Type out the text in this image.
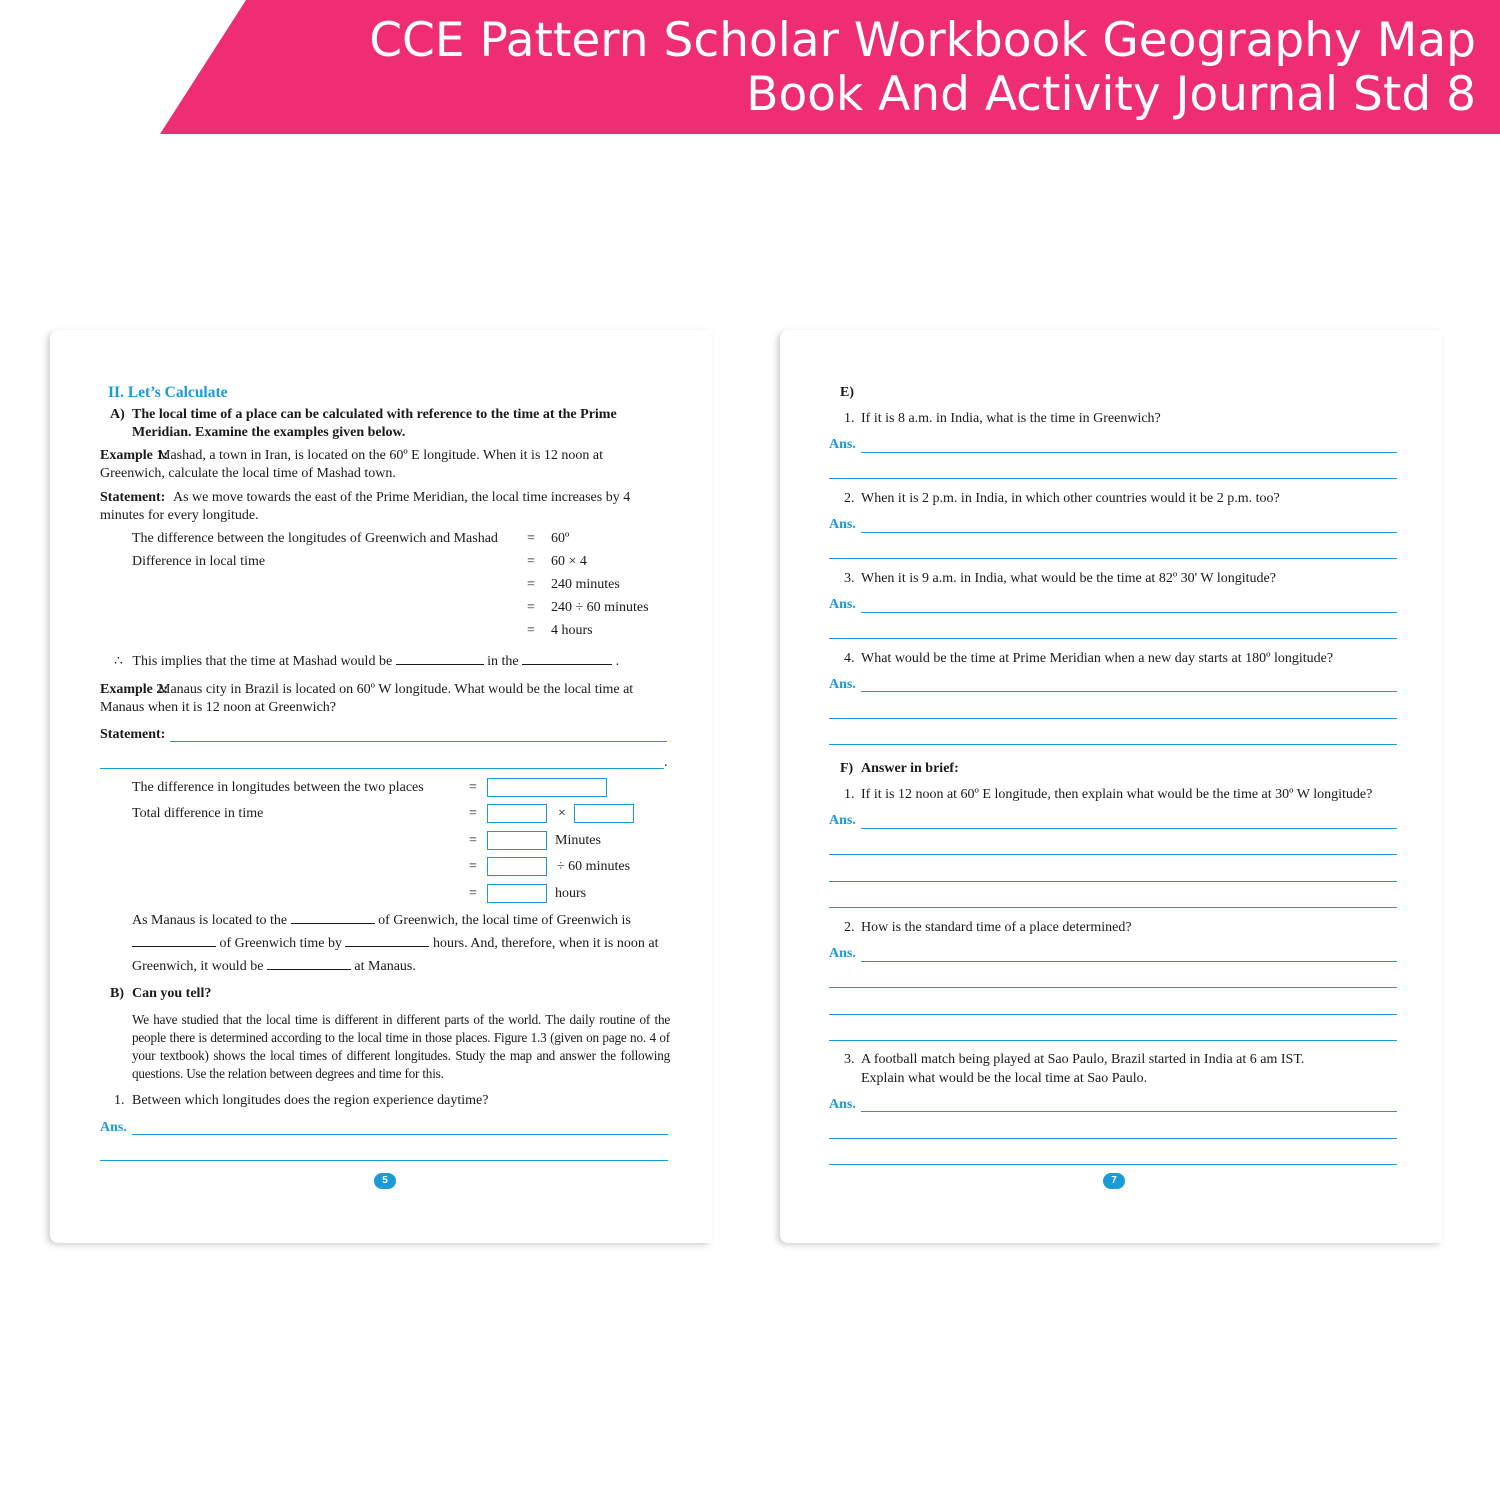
CCE Pattern Scholar Workbook Geography Map
Book And Activity Journal Std 8
II. Let’s Calculate
A) The local time of a place can be calculated with reference to the time at the Prime Meridian. Examine the examples given below.
Example 1:
Mashad, a town in Iran, is located on the 60º E longitude. When it is 12 noon at Greenwich, calculate the local time of Mashad town.
Statement: As we move towards the east of the Prime Meridian, the local time increases by 4 minutes for every longitude.
The difference between the longitudes of Greenwich and Mashad = 60º
Difference in local time	= 60 × 4
= 240 minutes
= 240 ÷ 60 minutes
= 4 hours
∴ This implies that the time at Mashad would be	in the	.
Example 2:
Manaus city in Brazil is located on 60º W longitude. What would be the local time at Manaus when it is 12 noon at Greenwich?
Statement:
.
The difference in longitudes between the two places	=
Total difference in time	=	×
=	Minutes
=	÷ 60 minutes
=	hours
As Manaus is located to the	of Greenwich, the local time of Greenwich is
of Greenwich time by	hours. And, therefore, when it is noon at
Greenwich, it would be	at Manaus.
B) Can you tell?
We have studied that the local time is different in different parts of the world. The daily routine of the people there is determined according to the local time in those places. Figure 1.3 (given on page no. 4 of your textbook) shows the local times of different longitudes. Study the map and answer the following questions. Use the relation between degrees and time for this.
1. Between which longitudes does the region experience daytime?
Ans.
5
E)
1. If it is 8 a.m. in India, what is the time in Greenwich?
Ans.
2. When it is 2 p.m. in India, in which other countries would it be 2 p.m. too?
Ans.
3. When it is 9 a.m. in India, what would be the time at 82º 30' W longitude?
Ans.
4. What would be the time at Prime Meridian when a new day starts at 180º longitude?
Ans.
F) Answer in brief:
1. If it is 12 noon at 60º E longitude, then explain what would be the time at 30º W longitude?
Ans.
2. How is the standard time of a place determined?
Ans.
3. A football match being played at Sao Paulo, Brazil started in India at 6 am IST.
Explain what would be the local time at Sao Paulo.
Ans.
7
